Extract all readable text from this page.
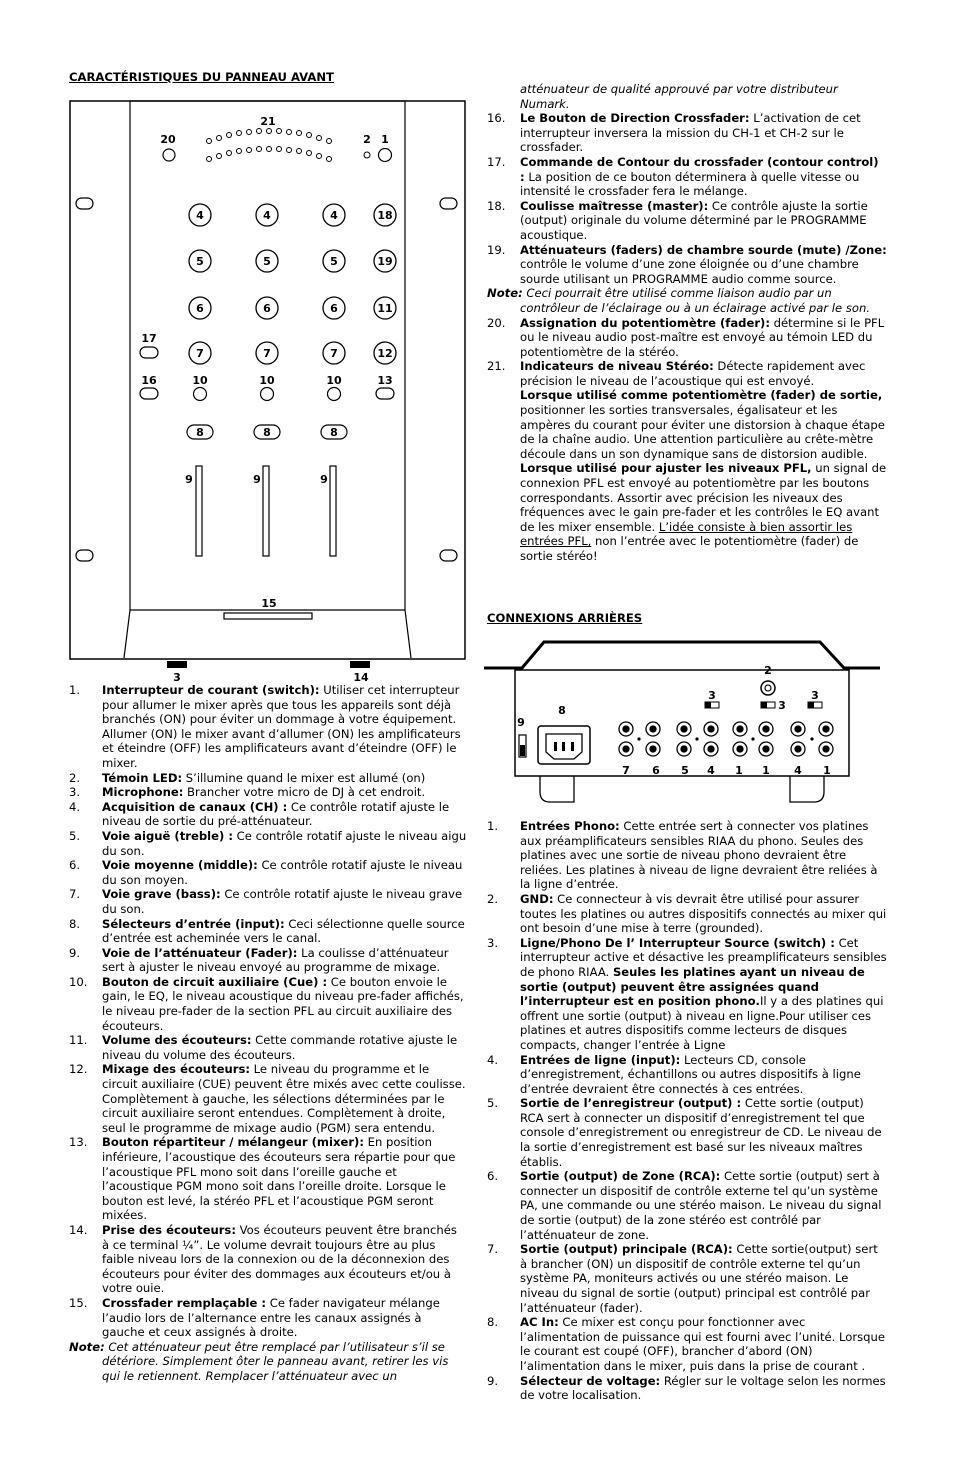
CARACTÉRISTIQUES DU PANNEAU AVANT

21
20	2 1
4	4	4	18
5	5	5	19
6	6	6	11
7	7	7	12
17
16	10	10	10	13
8	8	8
9	9	9
15
3	14
1. Interrupteur de courant (switch): Utiliser cet interrupteur pour allumer le mixer après que tous les appareils sont déjà branchés (ON) pour éviter un dommage à votre équipement. Allumer (ON) le mixer avant d’allumer (ON) les amplificateurs et éteindre (OFF) les amplificateurs avant d’éteindre (OFF) le mixer.
2. Témoin LED: S’illumine quand le mixer est allumé (on)
3. Microphone: Brancher votre micro de DJ à cet endroit.
4. Acquisition de canaux (CH) : Ce contrôle rotatif ajuste le niveau de sortie du pré-atténuateur.
5. Voie aiguë (treble) : Ce contrôle rotatif ajuste le niveau aigu du son.
6. Voie moyenne (middle): Ce contrôle rotatif ajuste le niveau du son moyen.
7. Voie grave (bass): Ce contrôle rotatif ajuste le niveau grave du son.
8. Sélecteurs d’entrée (input): Ceci sélectionne quelle source d’entrée est acheminée vers le canal.
9. Voie de l’atténuateur (Fader): La coulisse d’atténuateur sert à ajuster le niveau envoyé au programme de mixage.
10. Bouton de circuit auxiliaire (Cue) : Ce bouton envoie le gain, le EQ, le niveau acoustique du niveau pre-fader affichés, le niveau pre-fader de la section PFL au circuit auxiliaire des écouteurs.
11. Volume des écouteurs: Cette commande rotative ajuste le niveau du volume des écouteurs.
12. Mixage des écouteurs: Le niveau du programme et le circuit auxiliaire (CUE) peuvent être mixés avec cette coulisse. Complètement à gauche, les sélections déterminées par le circuit auxiliaire seront entendues. Complètement à droite, seul le programme de mixage audio (PGM) sera entendu.
13. Bouton répartiteur / mélangeur (mixer): En position inférieure, l’acoustique des écouteurs sera répartie pour que l’acoustique PFL mono soit dans l’oreille gauche et l’acoustique PGM mono soit dans l’oreille droite. Lorsque le bouton est levé, la stéréo PFL et l’acoustique PGM seront mixées.
14. Prise des écouteurs: Vos écouteurs peuvent être branchés à ce terminal ¼”. Le volume devrait toujours être au plus faible niveau lors de la connexion ou de la déconnexion des écouteurs pour éviter des dommages aux écouteurs et/ou à votre ouie.
15. Crossfader remplaçable : Ce fader navigateur mélange l’audio lors de l’alternance entre les canaux assignés à gauche et ceux assignés à droite.
Note: Cet atténuateur peut être remplacé par l’utilisateur s’il se détériore. Simplement ôter le panneau avant, retirer les vis qui le retiennent. Remplacer l’atténuateur avec un
atténuateur de qualité approuvé par votre distributeur Numark.
16. Le Bouton de Direction Crossfader: L’activation de cet interrupteur inversera la mission du CH-1 et CH-2 sur le crossfader.
17. Commande de Contour du crossfader (contour control) : La position de ce bouton déterminera à quelle vitesse ou intensité le crossfader fera le mélange.
18. Coulisse maîtresse (master): Ce contrôle ajuste la sortie (output) originale du volume déterminé par le PROGRAMME acoustique.
19. Atténuateurs (faders) de chambre sourde (mute) /Zone: contrôle le volume d’une zone éloignée ou d’une chambre sourde utilisant un PROGRAMME audio comme source.
Note: Ceci pourrait être utilisé comme liaison audio par un contrôleur de l’éclairage ou à un éclairage activé par le son.
20. Assignation du potentiomètre (fader): détermine si le PFL ou le niveau audio post-maître est envoyé au témoin LED du potentiomètre de la stéréo.
21. Indicateurs de niveau Stéréo: Détecte rapidement avec précision le niveau de l’acoustique qui est envoyé.
Lorsque utilisé comme potentiomètre (fader) de sortie, positionner les sorties transversales, égalisateur et les ampères du courant pour éviter une distorsion à chaque étape de la chaîne audio. Une attention particulière au crête-mètre découle dans un son dynamique sans de distorsion audible. Lorsque utilisé pour ajuster les niveaux PFL, un signal de connexion PFL est envoyé au potentiomètre par les boutons correspondants. Assortir avec précision les niveaux des fréquences avec le gain pre-fader et les contrôles le EQ avant de les mixer ensemble. L’idée consiste à bien assortir les entrées PFL, non l’entrée avec le potentiomètre (fader) de sortie stéréo!

CONNEXIONS ARRIÈRES

9
8
2
3
3
3
7 6 5 4 1 1 4 1
1. Entrées Phono: Cette entrée sert à connecter vos platines aux préamplificateurs sensibles RIAA du phono. Seules des platines avec une sortie de niveau phono devraient être reliées. Les platines à niveau de ligne devraient être reliées à la ligne d’entrée.
2. GND: Ce connecteur à vis devrait être utilisé pour assurer toutes les platines ou autres dispositifs connectés au mixer qui ont besoin d’une mise à terre (grounded).
3. Ligne/Phono De l’ Interrupteur Source (switch) : Cet interrupteur active et désactive les preamplificateurs sensibles de phono RIAA. Seules les platines ayant un niveau de sortie (output) peuvent être assignées quand l’interrupteur est en position phono.Il y a des platines qui offrent une sortie (output) à niveau en ligne.Pour utiliser ces platines et autres dispositifs comme lecteurs de disques compacts, changer l’entrée à Ligne
4. Entrées de ligne (input): Lecteurs CD, console d’enregistrement, échantillons ou autres dispositifs à ligne d’entrée devraient être connectés à ces entrées.
5. Sortie de l’enregistreur (output) : Cette sortie (output) RCA sert à connecter un dispositif d’enregistrement tel que console d’enregistrement ou enregistreur de CD. Le niveau de la sortie d’enregistrement est basé sur les niveaux maîtres établis.
6. Sortie (output) de Zone (RCA): Cette sortie (output) sert à connecter un dispositif de contrôle externe tel qu’un système PA, une commande ou une stéréo maison. Le niveau du signal de sortie (output) de la zone stéréo est contrôlé par l’atténuateur de zone.
7. Sortie (output) principale (RCA): Cette sortie(output) sert à brancher (ON) un dispositif de contrôle externe tel qu’un système PA, moniteurs activés ou une stéréo maison. Le niveau du signal de sortie (output) principal est contrôlé par l’atténuateur (fader).
8. AC In: Ce mixer est conçu pour fonctionner avec l’alimentation de puissance qui est fourni avec l’unité. Lorsque le courant est coupé (OFF), brancher d’abord (ON) l’alimentation dans le mixer, puis dans la prise de courant .
9. Sélecteur de voltage: Régler sur le voltage selon les normes de votre localisation.
